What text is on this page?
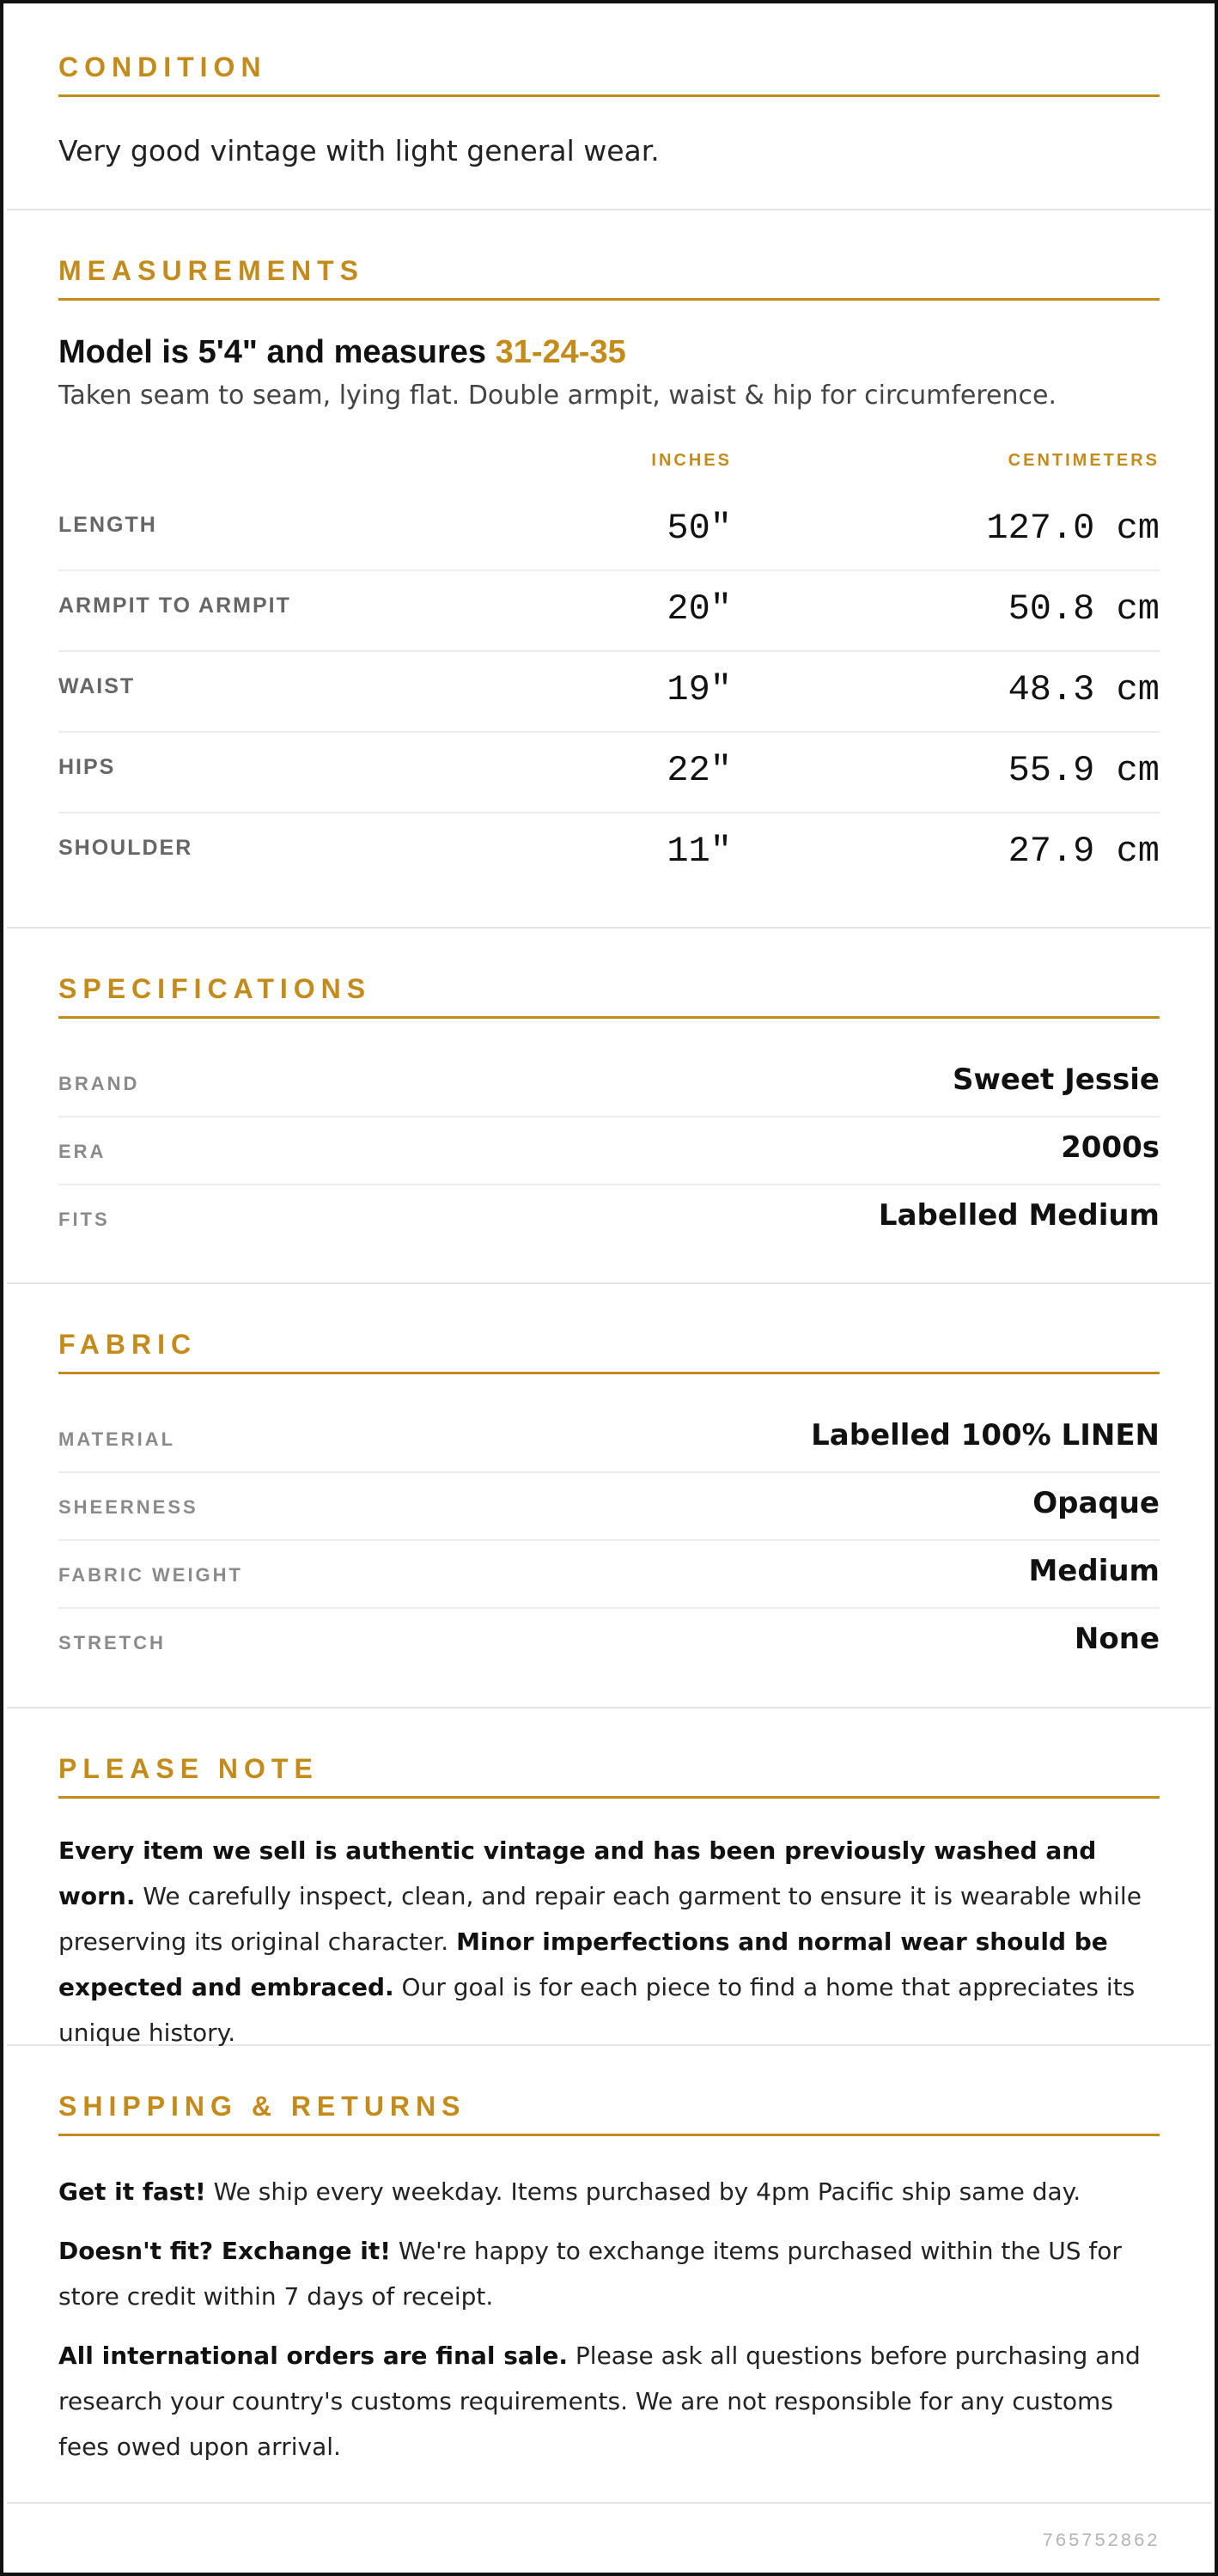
CONDITION
Very good vintage with light general wear.
MEASUREMENTS
Model is 5'4" and measures 31-24-35
Taken seam to seam, lying flat. Double armpit, waist & hip for circumference.
INCHES	CENTIMETERS
LENGTH	50"	127.0 cm
ARMPIT TO ARMPIT	20"	50.8 cm
WAIST	19"	48.3 cm
HIPS	22"	55.9 cm
SHOULDER	11"	27.9 cm
SPECIFICATIONS
BRAND	Sweet Jessie
ERA	2000s
FITS	Labelled Medium
FABRIC
MATERIAL	Labelled 100% LINEN
SHEERNESS	Opaque
FABRIC WEIGHT	Medium
STRETCH	None
PLEASE NOTE
Every item we sell is authentic vintage and has been previously washed and worn. We carefully inspect, clean, and repair each garment to ensure it is wearable while preserving its original character. Minor imperfections and normal wear should be expected and embraced. Our goal is for each piece to find a home that appreciates its unique history.
SHIPPING & RETURNS
Get it fast! We ship every weekday. Items purchased by 4pm Pacific ship same day.
Doesn't fit? Exchange it! We're happy to exchange items purchased within the US for store credit within 7 days of receipt.
All international orders are final sale. Please ask all questions before purchasing and research your country's customs requirements. We are not responsible for any customs fees owed upon arrival.
765752862
